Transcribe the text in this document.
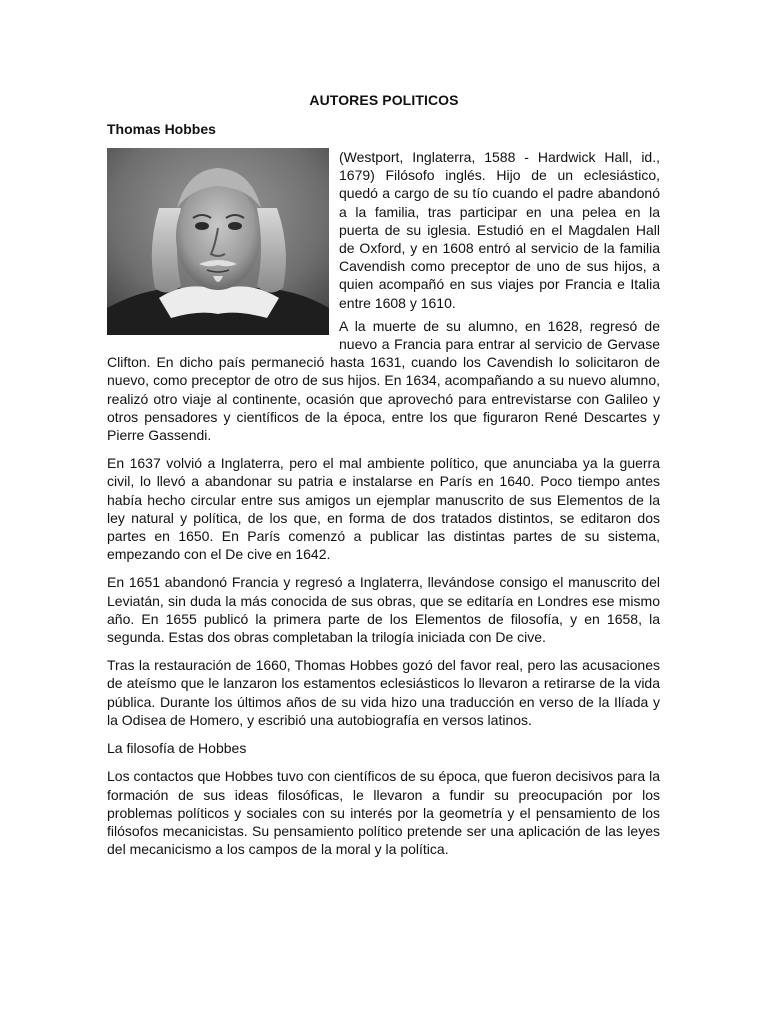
AUTORES POLITICOS
Thomas Hobbes

(Westport, Inglaterra, 1588 - Hardwick Hall, id., 1679) Filósofo inglés. Hijo de un eclesiástico, quedó a cargo de su tío cuando el padre abandonó a la familia, tras participar en una pelea en la puerta de su iglesia. Estudió en el Magdalen Hall de Oxford, y en 1608 entró al servicio de la familia Cavendish como preceptor de uno de sus hijos, a quien acompañó en sus viajes por Francia e Italia entre 1608 y 1610.

A la muerte de su alumno, en 1628, regresó de nuevo a Francia para entrar al servicio de Gervase Clifton. En dicho país permaneció hasta 1631, cuando los Cavendish lo solicitaron de nuevo, como preceptor de otro de sus hijos. En 1634, acompañando a su nuevo alumno, realizó otro viaje al continente, ocasión que aprovechó para entrevistarse con Galileo y otros pensadores y científicos de la época, entre los que figuraron René Descartes y Pierre Gassendi.

En 1637 volvió a Inglaterra, pero el mal ambiente político, que anunciaba ya la guerra civil, lo llevó a abandonar su patria e instalarse en París en 1640. Poco tiempo antes había hecho circular entre sus amigos un ejemplar manuscrito de sus Elementos de la ley natural y política, de los que, en forma de dos tratados distintos, se editaron dos partes en 1650. En París comenzó a publicar las distintas partes de su sistema, empezando con el De cive en 1642.

En 1651 abandonó Francia y regresó a Inglaterra, llevándose consigo el manuscrito del Leviatán, sin duda la más conocida de sus obras, que se editaría en Londres ese mismo año. En 1655 publicó la primera parte de los Elementos de filosofía, y en 1658, la segunda. Estas dos obras completaban la trilogía iniciada con De cive.

Tras la restauración de 1660, Thomas Hobbes gozó del favor real, pero las acusaciones de ateísmo que le lanzaron los estamentos eclesiásticos lo llevaron a retirarse de la vida pública. Durante los últimos años de su vida hizo una traducción en verso de la Ilíada y la Odisea de Homero, y escribió una autobiografía en versos latinos.

La filosofía de Hobbes

Los contactos que Hobbes tuvo con científicos de su época, que fueron decisivos para la formación de sus ideas filosóficas, le llevaron a fundir su preocupación por los problemas políticos y sociales con su interés por la geometría y el pensamiento de los filósofos mecanicistas. Su pensamiento político pretende ser una aplicación de las leyes del mecanicismo a los campos de la moral y la política.
